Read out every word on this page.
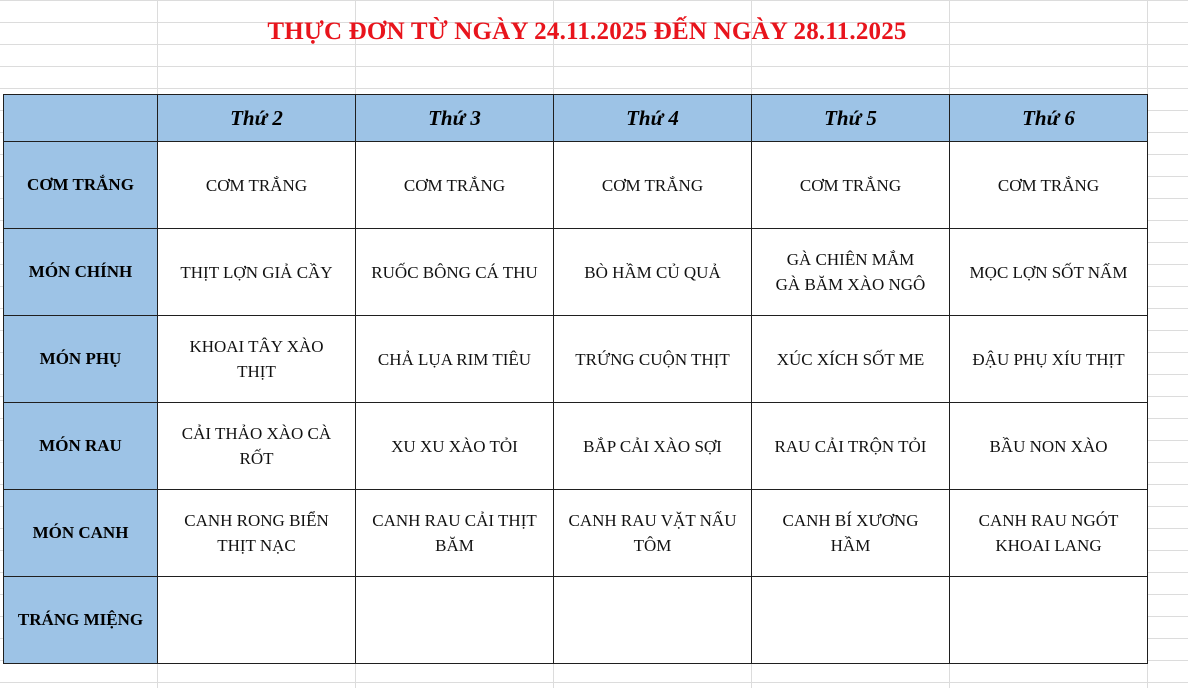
THỰC ĐƠN TỪ NGÀY 24.11.2025 ĐẾN NGÀY 28.11.2025
	Thứ 2	Thứ 3	Thứ 4	Thứ 5	Thứ 6
CƠM TRẮNG	CƠM TRẮNG	CƠM TRẮNG	CƠM TRẮNG	CƠM TRẮNG	CƠM TRẮNG
MÓN CHÍNH	THỊT LỢN GIẢ CẦY	RUỐC BÔNG CÁ THU	BÒ HẦM CỦ QUẢ	GÀ CHIÊN MẮM
GÀ BĂM XÀO NGÔ	MỌC LỢN SỐT NẤM
MÓN PHỤ	KHOAI TÂY XÀO THỊT	CHẢ LỤA RIM TIÊU	TRỨNG CUỘN THỊT	XÚC XÍCH SỐT ME	ĐẬU PHỤ XÍU THỊT
MÓN RAU	CẢI THẢO XÀO CÀ RỐT	XU XU XÀO TỎI	BẮP CẢI XÀO SỢI	RAU CẢI TRỘN TỎI	BẦU NON XÀO
MÓN CANH	CANH RONG BIỂN THỊT NẠC	CANH RAU CẢI THỊT BĂM	CANH RAU VẶT NẤU TÔM	CANH BÍ XƯƠNG HẦM	CANH RAU NGÓT KHOAI LANG
TRÁNG MIỆNG					
